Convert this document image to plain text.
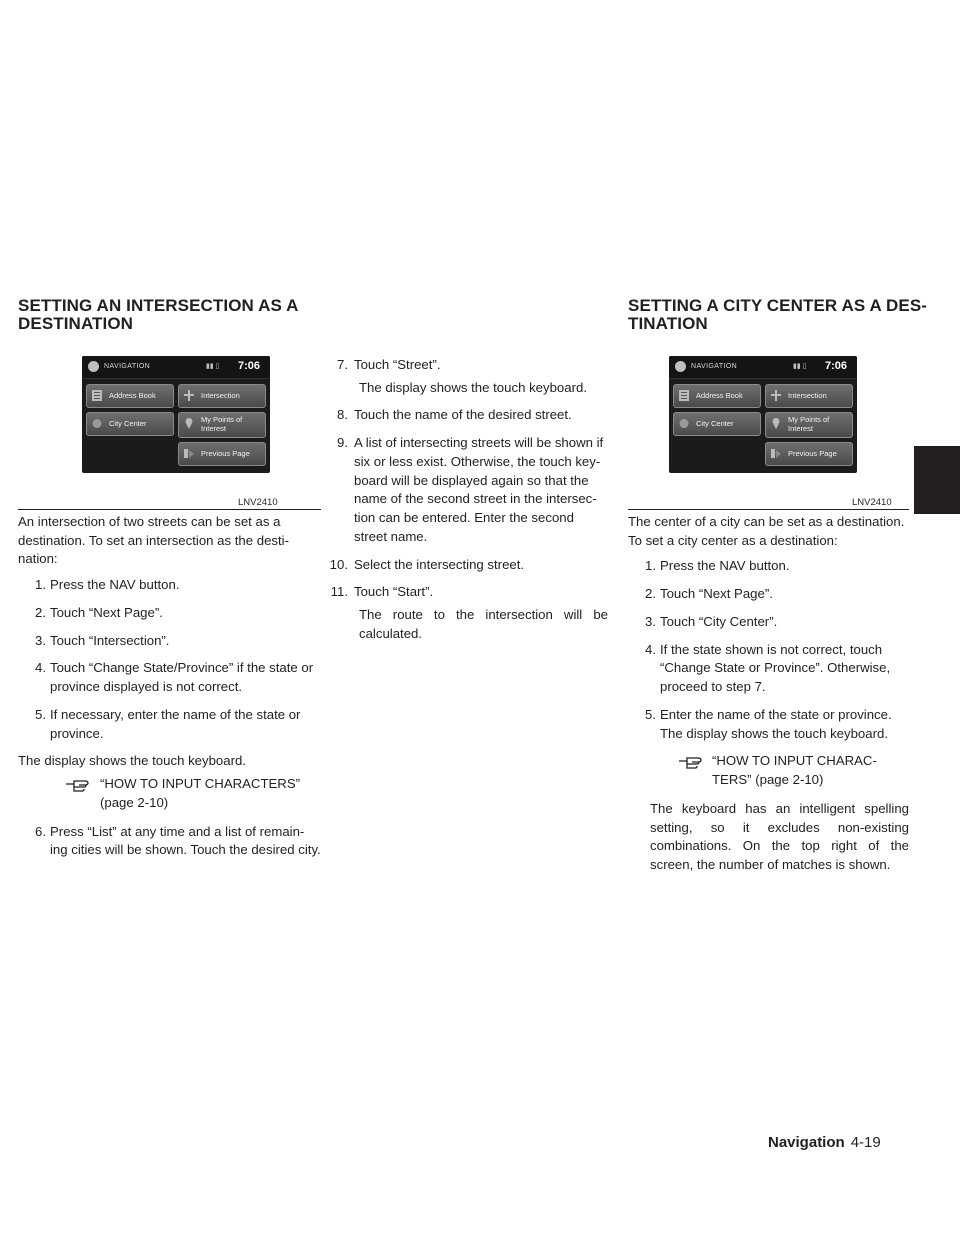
SETTING AN INTERSECTION AS A
DESTINATION
SETTING A CITY CENTER AS A DES-
TINATION
NAVIGATION	▮▮ ▯ 7:06
Address Book	Intersection
City Center	My Points of Interest
Previous Page
LNV2410
NAVIGATION	▮▮ ▯ 7:06
Address Book	Intersection
City Center	My Points of Interest
Previous Page
LNV2410

An intersection of two streets can be set as a destination. To set an intersection as the desti-nation:

1. Press the NAV button.
2. Touch “Next Page”.
3. Touch “Intersection”.
4. Touch “Change State/Province” if the state or province displayed is not correct.
5. If necessary, enter the name of the state or province.

The display shows the touch keyboard.

“HOW TO INPUT CHARACTERS” (page 2-10)
6. Press “List” at any time and a list of remain-ing cities will be shown. Touch the desired city.
7. Touch “Street”.

The display shows the touch keyboard.

8. Touch the name of the desired street.
9. A list of intersecting streets will be shown if six or less exist. Otherwise, the touch key-board will be displayed again so that the name of the second street in the intersec-tion can be entered. Enter the second street name.
10. Select the intersecting street.
11. Touch “Start”.

The route to the intersection will be calculated.

The center of a city can be set as a destination. To set a city center as a destination:

1. Press the NAV button.
2. Touch “Next Page”.
3. Touch “City Center”.
4. If the state shown is not correct, touch “Change State or Province”. Otherwise, proceed to step 7.
5. Enter the name of the state or province. The display shows the touch keyboard.
“HOW TO INPUT CHARAC-TERS” (page 2-10)

The keyboard has an intelligent spelling setting, so it excludes non-existing combinations. On the top right of the screen, the number of matches is shown.

Navigation 4-19
